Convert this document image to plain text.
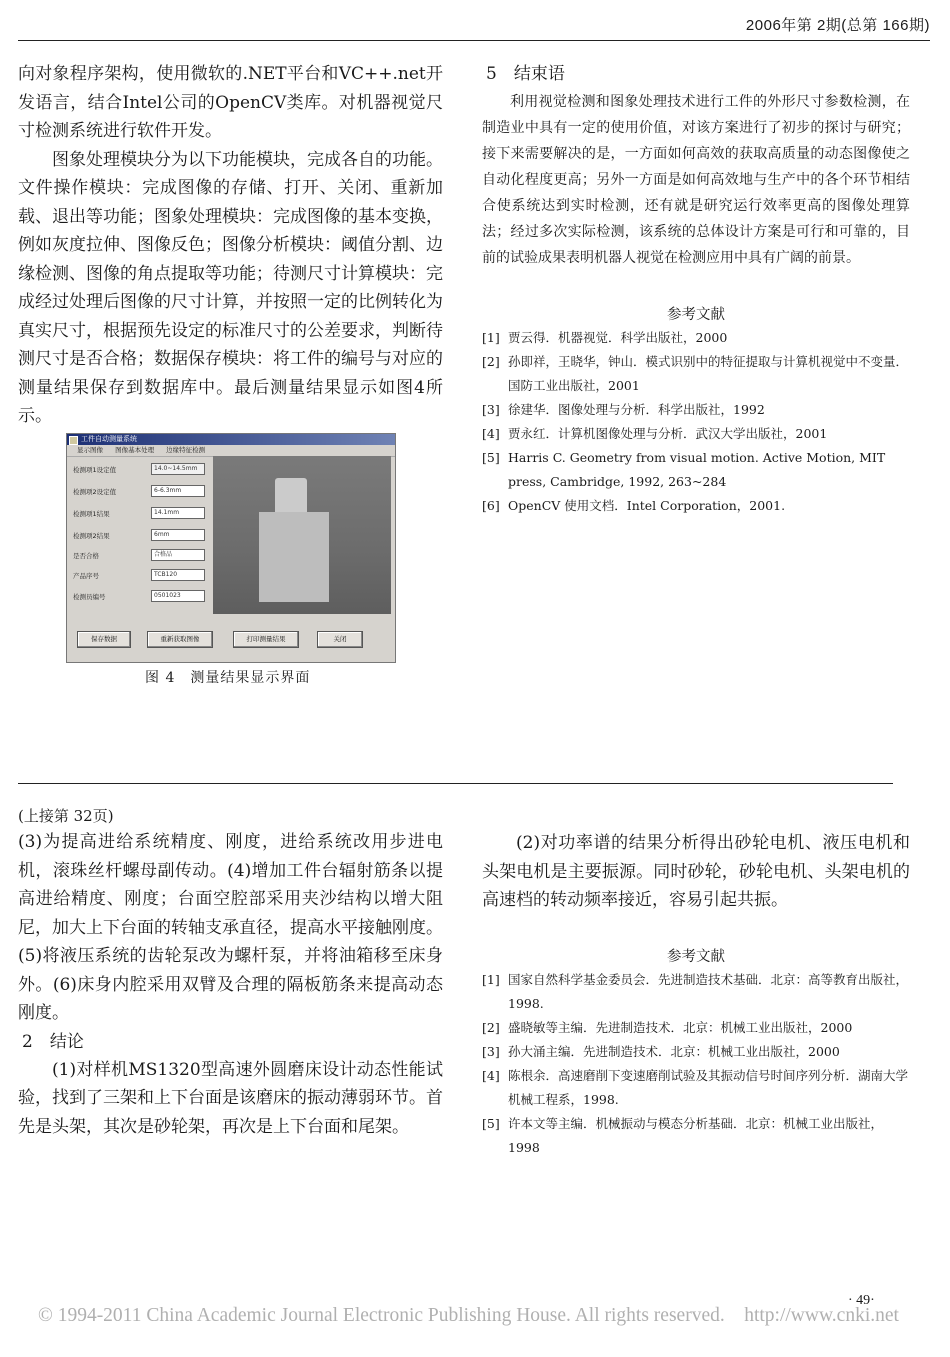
2006年第 2期(总第 166期)

向对象程序架构，使用微软的.NET平台和VC++.net开发语言，结合Intel公司的OpenCV类库。对机器视觉尺寸检测系统进行软件开发。

图象处理模块分为以下功能模块，完成各自的功能。文件操作模块：完成图像的存储、打开、关闭、重新加载、退出等功能；图象处理模块：完成图像的基本变换，例如灰度拉伸、图像反色；图像分析模块：阈值分割、边缘检测、图像的角点提取等功能；待测尺寸计算模块：完成经过处理后图像的尺寸计算，并按照一定的比例转化为真实尺寸，根据预先设定的标准尺寸的公差要求，判断待测尺寸是否合格；数据保存模块：将工件的编号与对应的测量结果保存到数据库中。最后测量结果显示如图4所示。

工件自动测量系统
显示图像 图像基本处理 边缘特征检测
检测项1设定值	14.0~14.5mm
检测项2设定值	6-6.3mm
检测项1结果	14.1mm
检测项2结果	6mm
是否合格	合格品
产品序号	TCB120
检测员编号	0501023
保存数据	重新获取图像	打印测量结果	关闭
图 4　测量结果显示界面
5　结束语
利用视觉检测和图象处理技术进行工件的外形尺寸参数检测，在制造业中具有一定的使用价值，对该方案进行了初步的探讨与研究；接下来需要解决的是，一方面如何高效的获取高质量的动态图像使之自动化程度更高；另外一方面是如何高效地与生产中的各个环节相结合使系统达到实时检测，还有就是研究运行效率更高的图像处理算法；经过多次实际检测，该系统的总体设计方案是可行和可靠的，目前的试验成果表明机器人视觉在检测应用中具有广阔的前景。
参考文献
[1] 贾云得．机器视觉．科学出版社，2000
[2] 孙即祥，王晓华，钟山．模式识别中的特征提取与计算机视觉中不变量．国防工业出版社，2001
[3] 徐建华．图像处理与分析．科学出版社，1992
[4] 贾永红．计算机图像处理与分析．武汉大学出版社，2001
[5] Harris C. Geometry from visual motion. Active Motion, MIT press, Cambridge, 1992, 263~284
[6] OpenCV 使用文档．Intel Corporation，2001.

(上接第 32页)

(3)为提高进给系统精度、刚度，进给系统改用步进电机，滚珠丝杆螺母副传动。(4)增加工件台辐射筋条以提高进给精度、刚度；台面空腔部采用夹沙结构以增大阻尼，加大上下台面的转轴支承直径，提高水平接触刚度。(5)将液压系统的齿轮泵改为螺杆泵，并将油箱移至床身外。(6)床身内腔采用双臂及合理的隔板筋条来提高动态刚度。

2　结论

(1)对样机MS1320型高速外圆磨床设计动态性能试验，找到了三架和上下台面是该磨床的振动薄弱环节。首先是头架，其次是砂轮架，再次是上下台面和尾架。

(2)对功率谱的结果分析得出砂轮电机、液压电机和头架电机是主要振源。同时砂轮，砂轮电机、头架电机的高速档的转动频率接近，容易引起共振。
参考文献
[1] 国家自然科学基金委员会．先进制造技术基础．北京：高等教育出版社，1998.
[2] 盛晓敏等主编．先进制造技术．北京：机械工业出版社，2000
[3] 孙大涌主编．先进制造技术．北京：机械工业出版社，2000
[4] 陈根余．高速磨削下变速磨削试验及其振动信号时间序列分析．湖南大学机械工程系，1998.
[5] 许本文等主编．机械振动与模态分析基础．北京：机械工业出版社，1998
· 49·
© 1994-2011 China Academic Journal Electronic Publishing House. All rights reserved.　http://www.cnki.net
